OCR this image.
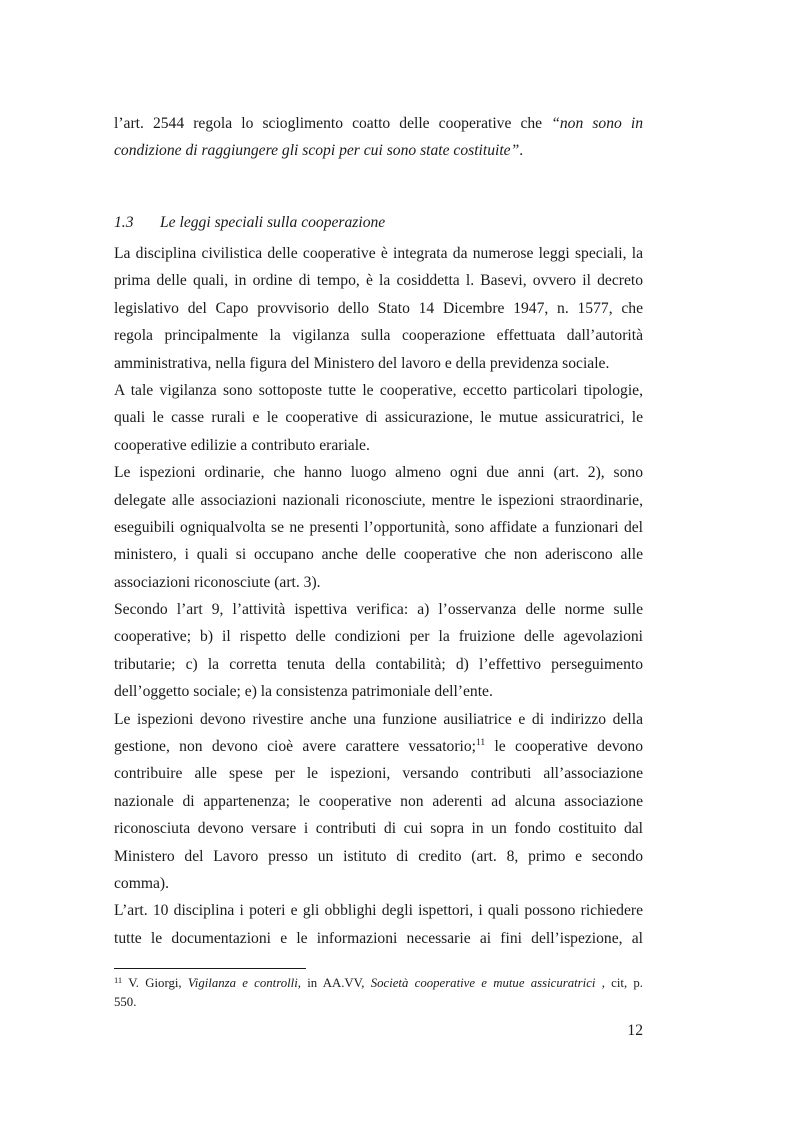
l’art. 2544 regola lo scioglimento coatto delle cooperative che “non sono in
condizione di raggiungere gli scopi per cui sono state costituite”.
1.3 Le leggi speciali sulla cooperazione
La disciplina civilistica delle cooperative è integrata da numerose leggi speciali, la
prima delle quali, in ordine di tempo, è la cosiddetta l. Basevi, ovvero il decreto
legislativo del Capo provvisorio dello Stato 14 Dicembre 1947, n. 1577, che
regola principalmente la vigilanza sulla cooperazione effettuata dall’autorità
amministrativa, nella figura del Ministero del lavoro e della previdenza sociale.
A tale vigilanza sono sottoposte tutte le cooperative, eccetto particolari tipologie,
quali le casse rurali e le cooperative di assicurazione, le mutue assicuratrici, le
cooperative edilizie a contributo erariale.
Le ispezioni ordinarie, che hanno luogo almeno ogni due anni (art. 2), sono
delegate alle associazioni nazionali riconosciute, mentre le ispezioni straordinarie,
eseguibili ogniqualvolta se ne presenti l’opportunità, sono affidate a funzionari del
ministero, i quali si occupano anche delle cooperative che non aderiscono alle
associazioni riconosciute (art. 3).
Secondo l’art 9, l’attività ispettiva verifica: a) l’osservanza delle norme sulle
cooperative; b) il rispetto delle condizioni per la fruizione delle agevolazioni
tributarie; c) la corretta tenuta della contabilità; d) l’effettivo perseguimento
dell’oggetto sociale; e) la consistenza patrimoniale dell’ente.
Le ispezioni devono rivestire anche una funzione ausiliatrice e di indirizzo della
gestione, non devono cioè avere carattere vessatorio;$^{11}$ le cooperative devono
contribuire alle spese per le ispezioni, versando contributi all’associazione
nazionale di appartenenza; le cooperative non aderenti ad alcuna associazione
riconosciuta devono versare i contributi di cui sopra in un fondo costituito dal
Ministero del Lavoro presso un istituto di credito (art. 8, primo e secondo
comma).
L’art. 10 disciplina i poteri e gli obblighi degli ispettori, i quali possono richiedere
tutte le documentazioni e le informazioni necessarie ai fini dell’ispezione, al
$^{11}$ V. Giorgi, Vigilanza e controlli, in AA.VV, Società cooperative e mutue assicuratrici , cit, p.
550.
12
